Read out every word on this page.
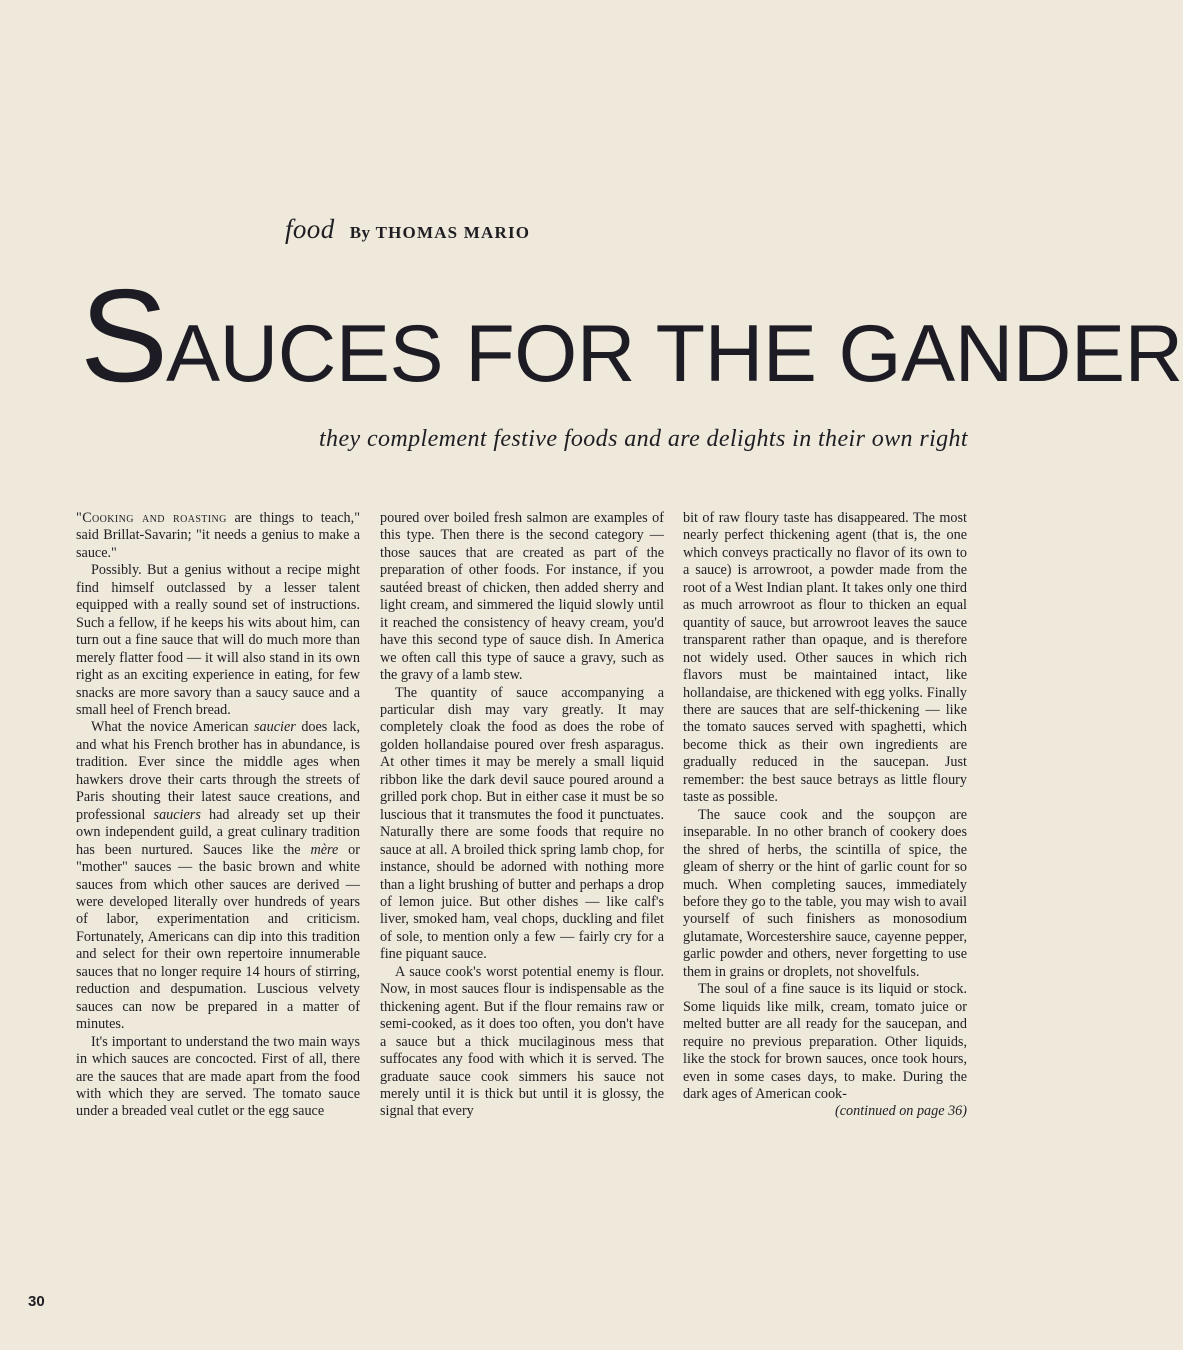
food By THOMAS MARIO
SAUCES FOR THE GANDER
they complement festive foods and are delights in their own right

"Cooking and roasting are things to teach," said Brillat-Savarin; "it needs a genius to make a sauce."

Possibly. But a genius without a recipe might find himself outclassed by a lesser talent equipped with a really sound set of instructions. Such a fellow, if he keeps his wits about him, can turn out a fine sauce that will do much more than merely flatter food — it will also stand in its own right as an exciting experience in eating, for few snacks are more savory than a saucy sauce and a small heel of French bread.

What the novice American saucier does lack, and what his French brother has in abundance, is tradition. Ever since the middle ages when hawkers drove their carts through the streets of Paris shouting their latest sauce creations, and professional sauciers had already set up their own independent guild, a great culinary tradition has been nurtured. Sauces like the mère or "mother" sauces — the basic brown and white sauces from which other sauces are derived — were developed literally over hundreds of years of labor, experimentation and criticism. Fortunately, Americans can dip into this tradition and select for their own repertoire innumerable sauces that no longer require 14 hours of stirring, reduction and despumation. Luscious velvety sauces can now be prepared in a matter of minutes.

It's important to understand the two main ways in which sauces are concocted. First of all, there are the sauces that are made apart from the food with which they are served. The tomato sauce under a breaded veal cutlet or the egg sauce

poured over boiled fresh salmon are examples of this type. Then there is the second category — those sauces that are created as part of the preparation of other foods. For instance, if you sautéed breast of chicken, then added sherry and light cream, and simmered the liquid slowly until it reached the consistency of heavy cream, you'd have this second type of sauce dish. In America we often call this type of sauce a gravy, such as the gravy of a lamb stew.

The quantity of sauce accompanying a particular dish may vary greatly. It may completely cloak the food as does the robe of golden hollandaise poured over fresh asparagus. At other times it may be merely a small liquid ribbon like the dark devil sauce poured around a grilled pork chop. But in either case it must be so luscious that it transmutes the food it punctuates. Naturally there are some foods that require no sauce at all. A broiled thick spring lamb chop, for instance, should be adorned with nothing more than a light brushing of butter and perhaps a drop of lemon juice. But other dishes — like calf's liver, smoked ham, veal chops, duckling and filet of sole, to mention only a few — fairly cry for a fine piquant sauce.

A sauce cook's worst potential enemy is flour. Now, in most sauces flour is indispensable as the thickening agent. But if the flour remains raw or semi-cooked, as it does too often, you don't have a sauce but a thick mucilaginous mess that suffocates any food with which it is served. The graduate sauce cook simmers his sauce not merely until it is thick but until it is glossy, the signal that every

bit of raw floury taste has disappeared. The most nearly perfect thickening agent (that is, the one which conveys practically no flavor of its own to a sauce) is arrowroot, a powder made from the root of a West Indian plant. It takes only one third as much arrowroot as flour to thicken an equal quantity of sauce, but arrowroot leaves the sauce transparent rather than opaque, and is therefore not widely used. Other sauces in which rich flavors must be maintained intact, like hollandaise, are thickened with egg yolks. Finally there are sauces that are self-thickening — like the tomato sauces served with spaghetti, which become thick as their own ingredients are gradually reduced in the saucepan. Just remember: the best sauce betrays as little floury taste as possible.

The sauce cook and the soupçon are inseparable. In no other branch of cookery does the shred of herbs, the scintilla of spice, the gleam of sherry or the hint of garlic count for so much. When completing sauces, immediately before they go to the table, you may wish to avail yourself of such finishers as monosodium glutamate, Worcestershire sauce, cayenne pepper, garlic powder and others, never forgetting to use them in grains or droplets, not shovelfuls.

The soul of a fine sauce is its liquid or stock. Some liquids like milk, cream, tomato juice or melted butter are all ready for the saucepan, and require no previous preparation. Other liquids, like the stock for brown sauces, once took hours, even in some cases days, to make. During the dark ages of American cook-

(continued on page 36)

30
